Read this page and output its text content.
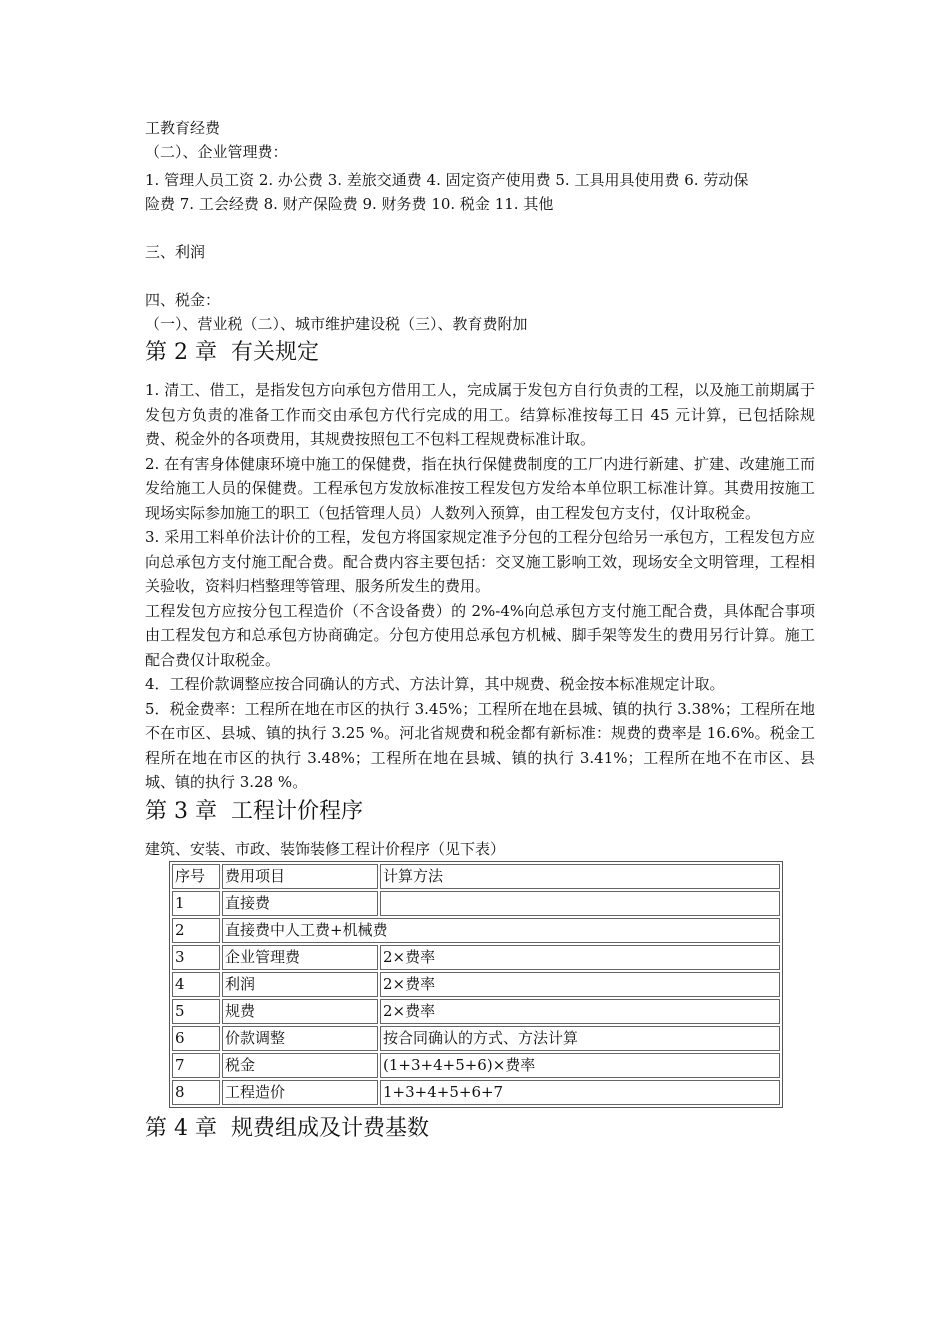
工教育经费

（二）、企业管理费：

1. 管理人员工资 2. 办公费 3. 差旅交通费 4. 固定资产使用费 5. 工具用具使用费 6. 劳动保

险费 7. 工会经费 8. 财产保险费 9. 财务费 10. 税金 11. 其他

三、利润

四、税金：

（一）、营业税（二）、城市维护建设税（三）、教育费附加

第 2 章 有关规定

1. 清工、借工，是指发包方向承包方借用工人，完成属于发包方自行负责的工程，以及施工前期属于发包方负责的准备工作而交由承包方代行完成的用工。结算标准按每工日 45 元计算，已包括除规费、税金外的各项费用，其规费按照包工不包料工程规费标准计取。

2. 在有害身体健康环境中施工的保健费，指在执行保健费制度的工厂内进行新建、扩建、改建施工而发给施工人员的保健费。工程承包方发放标准按工程发包方发给本单位职工标准计算。其费用按施工现场实际参加施工的职工（包括管理人员）人数列入预算，由工程发包方支付，仅计取税金。

3. 采用工料单价法计价的工程，发包方将国家规定准予分包的工程分包给另一承包方，工程发包方应向总承包方支付施工配合费。配合费内容主要包括：交叉施工影响工效，现场安全文明管理，工程相关验收，资料归档整理等管理、服务所发生的费用。

工程发包方应按分包工程造价（不含设备费）的 2%-4%向总承包方支付施工配合费，具体配合事项由工程发包方和总承包方协商确定。分包方使用总承包方机械、脚手架等发生的费用另行计算。施工配合费仅计取税金。

4．工程价款调整应按合同确认的方式、方法计算，其中规费、税金按本标准规定计取。

5．税金费率：工程所在地在市区的执行 3.45%；工程所在地在县城、镇的执行 3.38%；工程所在地不在市区、县城、镇的执行 3.25 %。河北省规费和税金都有新标准：规费的费率是 16.6%。税金工程所在地在市区的执行 3.48%；工程所在地在县城、镇的执行 3.41%；工程所在地不在市区、县城、镇的执行 3.28 %。

第 3 章 工程计价程序

建筑、安装、市政、装饰装修工程计价程序（见下表）

序号	费用项目	计算方法
1	直接费	
2	直接费中人工费+机械费	
3	企业管理费	2×费率
4	利润	2×费率
5	规费	2×费率
6	价款调整	按合同确认的方式、方法计算
7	税金	(1+3+4+5+6)×费率
8	工程造价	1+3+4+5+6+7
第 4 章 规费组成及计费基数
